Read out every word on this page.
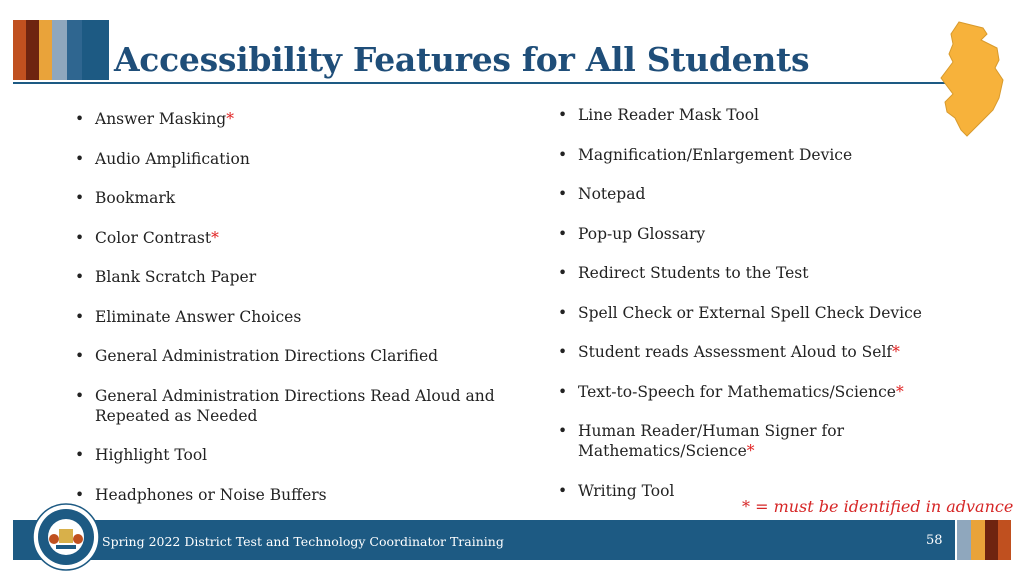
Accessibility Features for All Students
• Answer Masking*
• Audio Amplification
• Bookmark
• Color Contrast*
• Blank Scratch Paper
• Eliminate Answer Choices
• General Administration Directions Clarified
• General Administration Directions Read Aloud and Repeated as Needed
• Highlight Tool
• Headphones or Noise Buffers
• Line Reader Mask Tool
• Magnification/Enlargement Device
• Notepad
• Pop-up Glossary
• Redirect Students to the Test
• Spell Check or External Spell Check Device
• Student reads Assessment Aloud to Self*
• Text-to-Speech for Mathematics/Science*
• Human Reader/Human Signer for Mathematics/Science*
• Writing Tool
* = must be identified in advance
Spring 2022 District Test and Technology Coordinator Training	58
